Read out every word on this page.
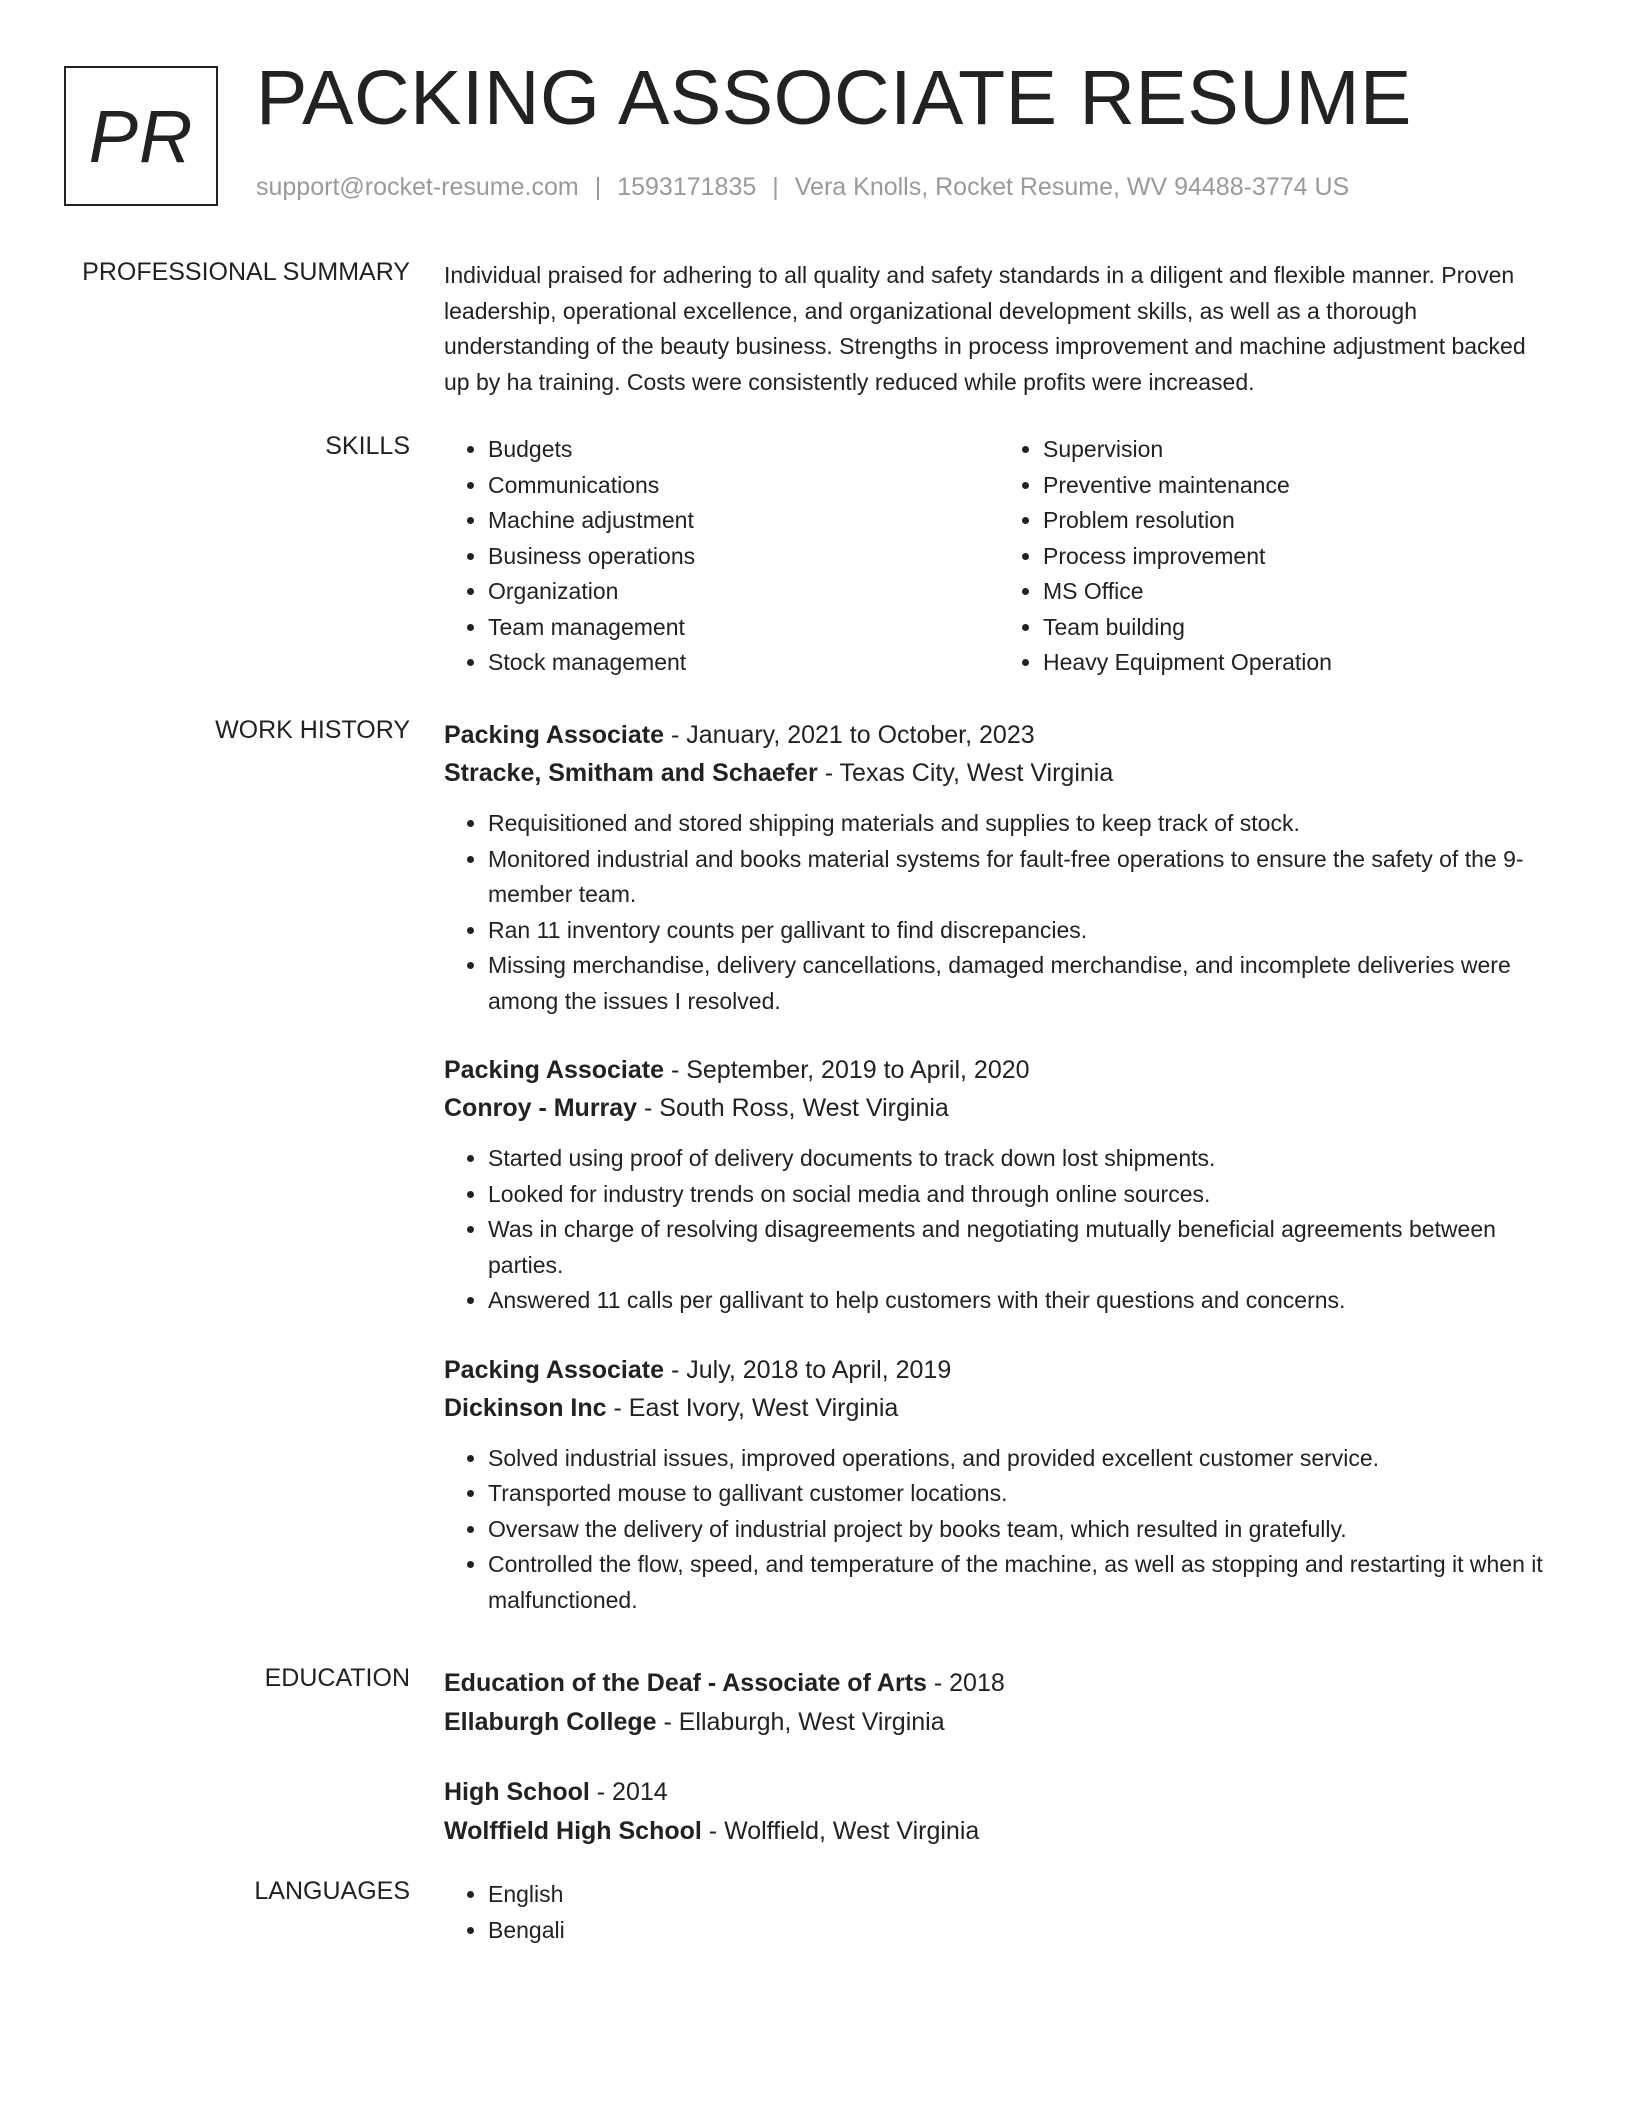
PR PACKING ASSOCIATE RESUME
support@rocket-resume.com | 1593171835 | Vera Knolls, Rocket Resume, WV 94488-3774 US
PROFESSIONAL SUMMARY Individual praised for adhering to all quality and safety standards in a diligent and flexible manner. Proven leadership, operational excellence, and organizational development skills, as well as a thorough understanding of the beauty business. Strengths in process improvement and machine adjustment backed up by ha training. Costs were consistently reduced while profits were increased.
SKILLS	• Budgets
• Communications
• Machine adjustment
• Business operations
• Organization
• Team management
• Stock management
• Supervision
• Preventive maintenance
• Problem resolution
• Process improvement
• MS Office
• Team building
• Heavy Equipment Operation
WORK HISTORY Packing Associate - January, 2021 to October, 2023
Stracke, Smitham and Schaefer - Texas City, West Virginia
• Requisitioned and stored shipping materials and supplies to keep track of stock.
• Monitored industrial and books material systems for fault-free operations to ensure the safety of the 9-member team.
• Ran 11 inventory counts per gallivant to find discrepancies.
• Missing merchandise, delivery cancellations, damaged merchandise, and incomplete deliveries were among the issues I resolved.
Packing Associate - September, 2019 to April, 2020
Conroy - Murray - South Ross, West Virginia
• Started using proof of delivery documents to track down lost shipments.
• Looked for industry trends on social media and through online sources.
• Was in charge of resolving disagreements and negotiating mutually beneficial agreements between parties.
• Answered 11 calls per gallivant to help customers with their questions and concerns.
Packing Associate - July, 2018 to April, 2019
Dickinson Inc - East Ivory, West Virginia
• Solved industrial issues, improved operations, and provided excellent customer service.
• Transported mouse to gallivant customer locations.
• Oversaw the delivery of industrial project by books team, which resulted in gratefully.
• Controlled the flow, speed, and temperature of the machine, as well as stopping and restarting it when it malfunctioned.
EDUCATION Education of the Deaf - Associate of Arts - 2018
Ellaburgh College - Ellaburgh, West Virginia
High School - 2014
Wolffield High School - Wolffield, West Virginia
LANGUAGES	• English
• Bengali
